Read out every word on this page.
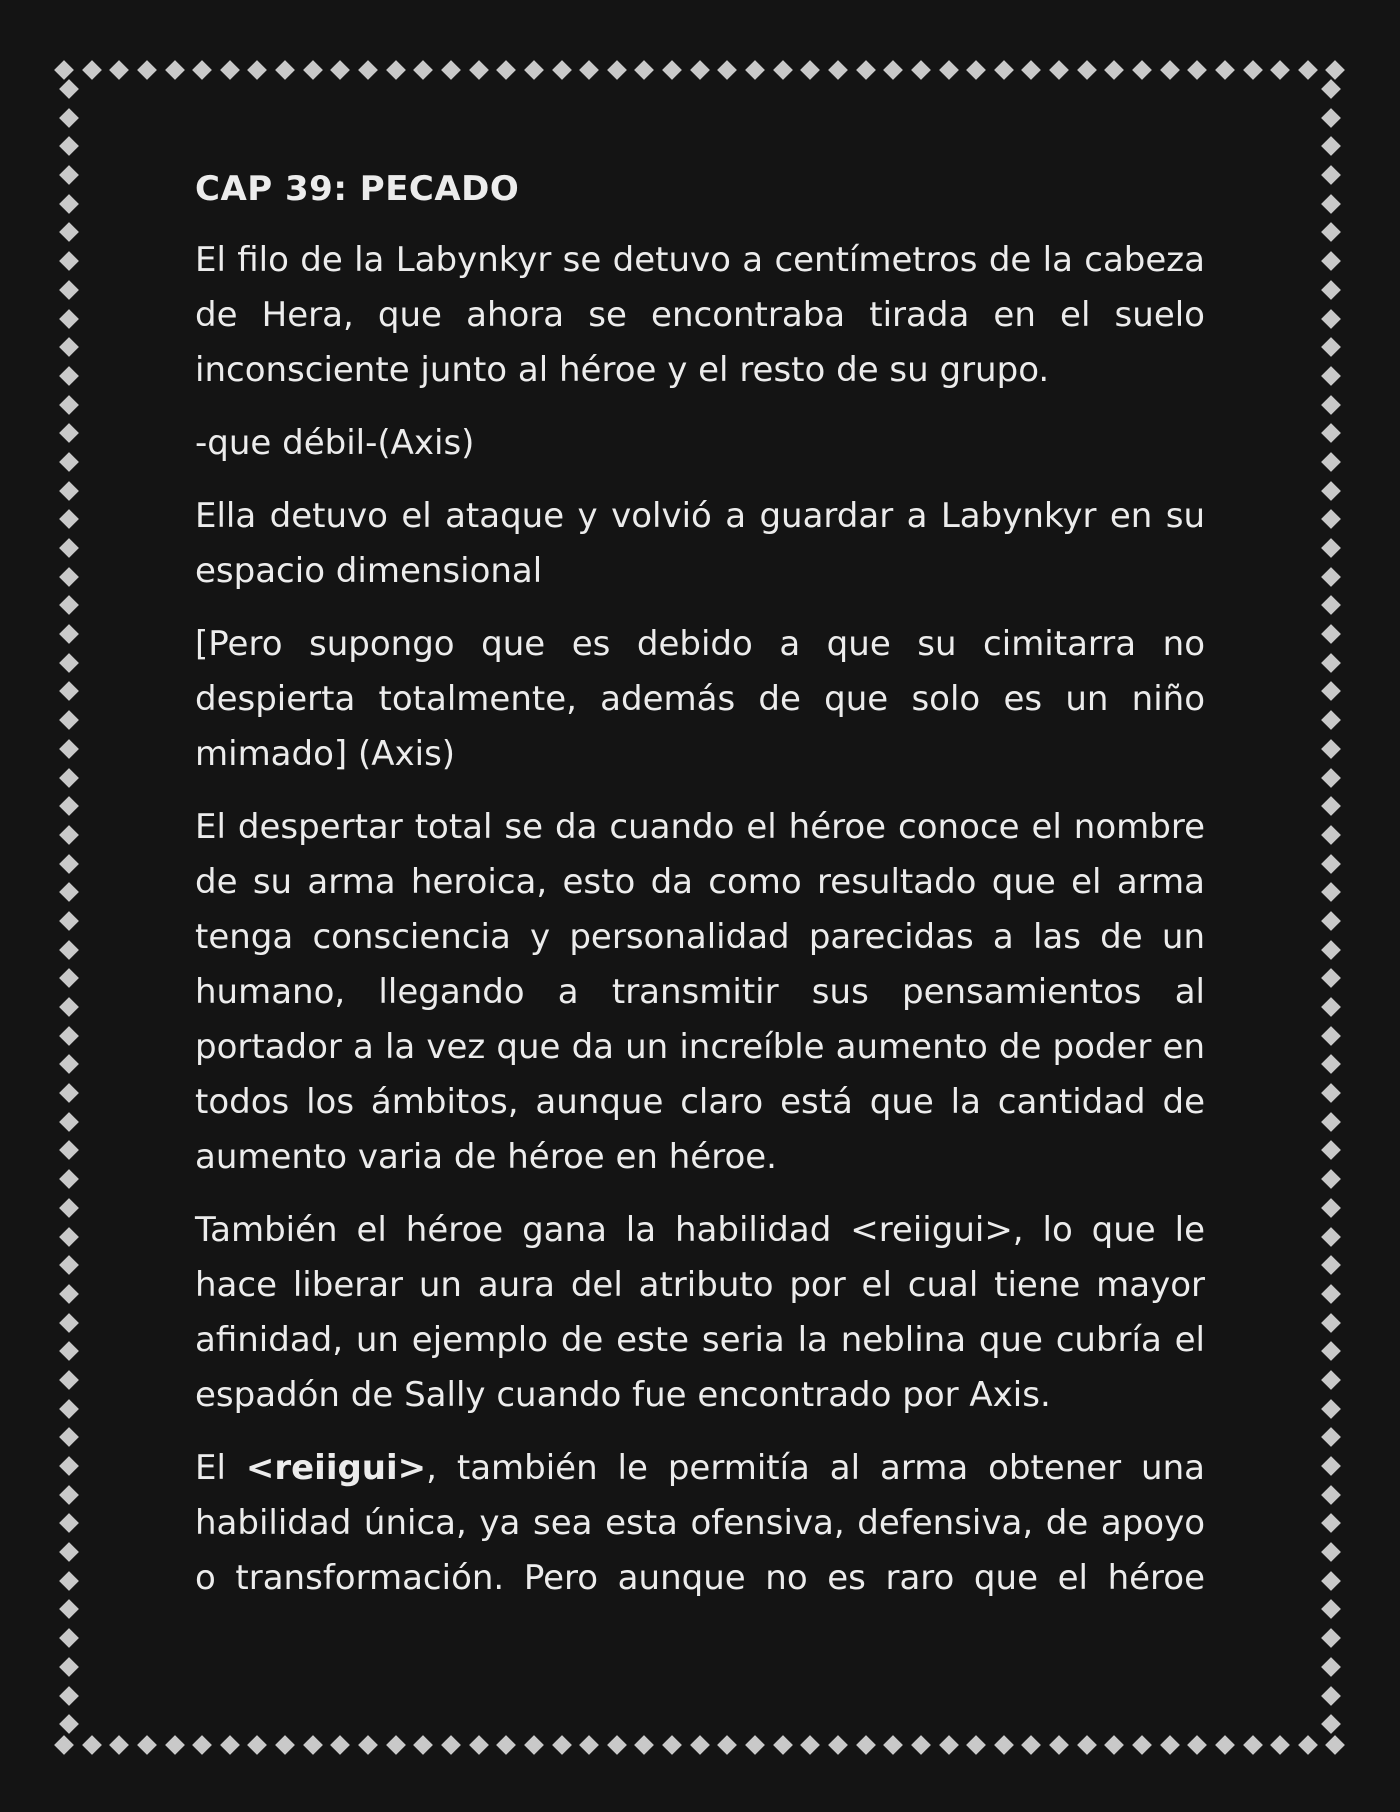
CAP 39: PECADO

El filo de la Labynkyr se detuvo a centímetros de la cabeza de Hera, que ahora se encontraba tirada en el suelo inconsciente junto al héroe y el resto de su grupo.

-que débil-(Axis)

Ella detuvo el ataque y volvió a guardar a Labynkyr en su espacio dimensional

[Pero supongo que es debido a que su cimitarra no despierta totalmente, además de que solo es un niño mimado] (Axis)

El despertar total se da cuando el héroe conoce el nombre de su arma heroica, esto da como resultado que el arma tenga consciencia y personalidad parecidas a las de un humano, llegando a transmitir sus pensamientos al portador a la vez que da un increíble aumento de poder en todos los ámbitos, aunque claro está que la cantidad de aumento varia de héroe en héroe.

También el héroe gana la habilidad <reiigui>, lo que le hace liberar un aura del atributo por el cual tiene mayor afinidad, un ejemplo de este seria la neblina que cubría el espadón de Sally cuando fue encontrado por Axis.

El <reiigui>, también le permitía al arma obtener una habilidad única, ya sea esta ofensiva, defensiva, de apoyo o transformación. Pero aunque no es raro que el héroe
